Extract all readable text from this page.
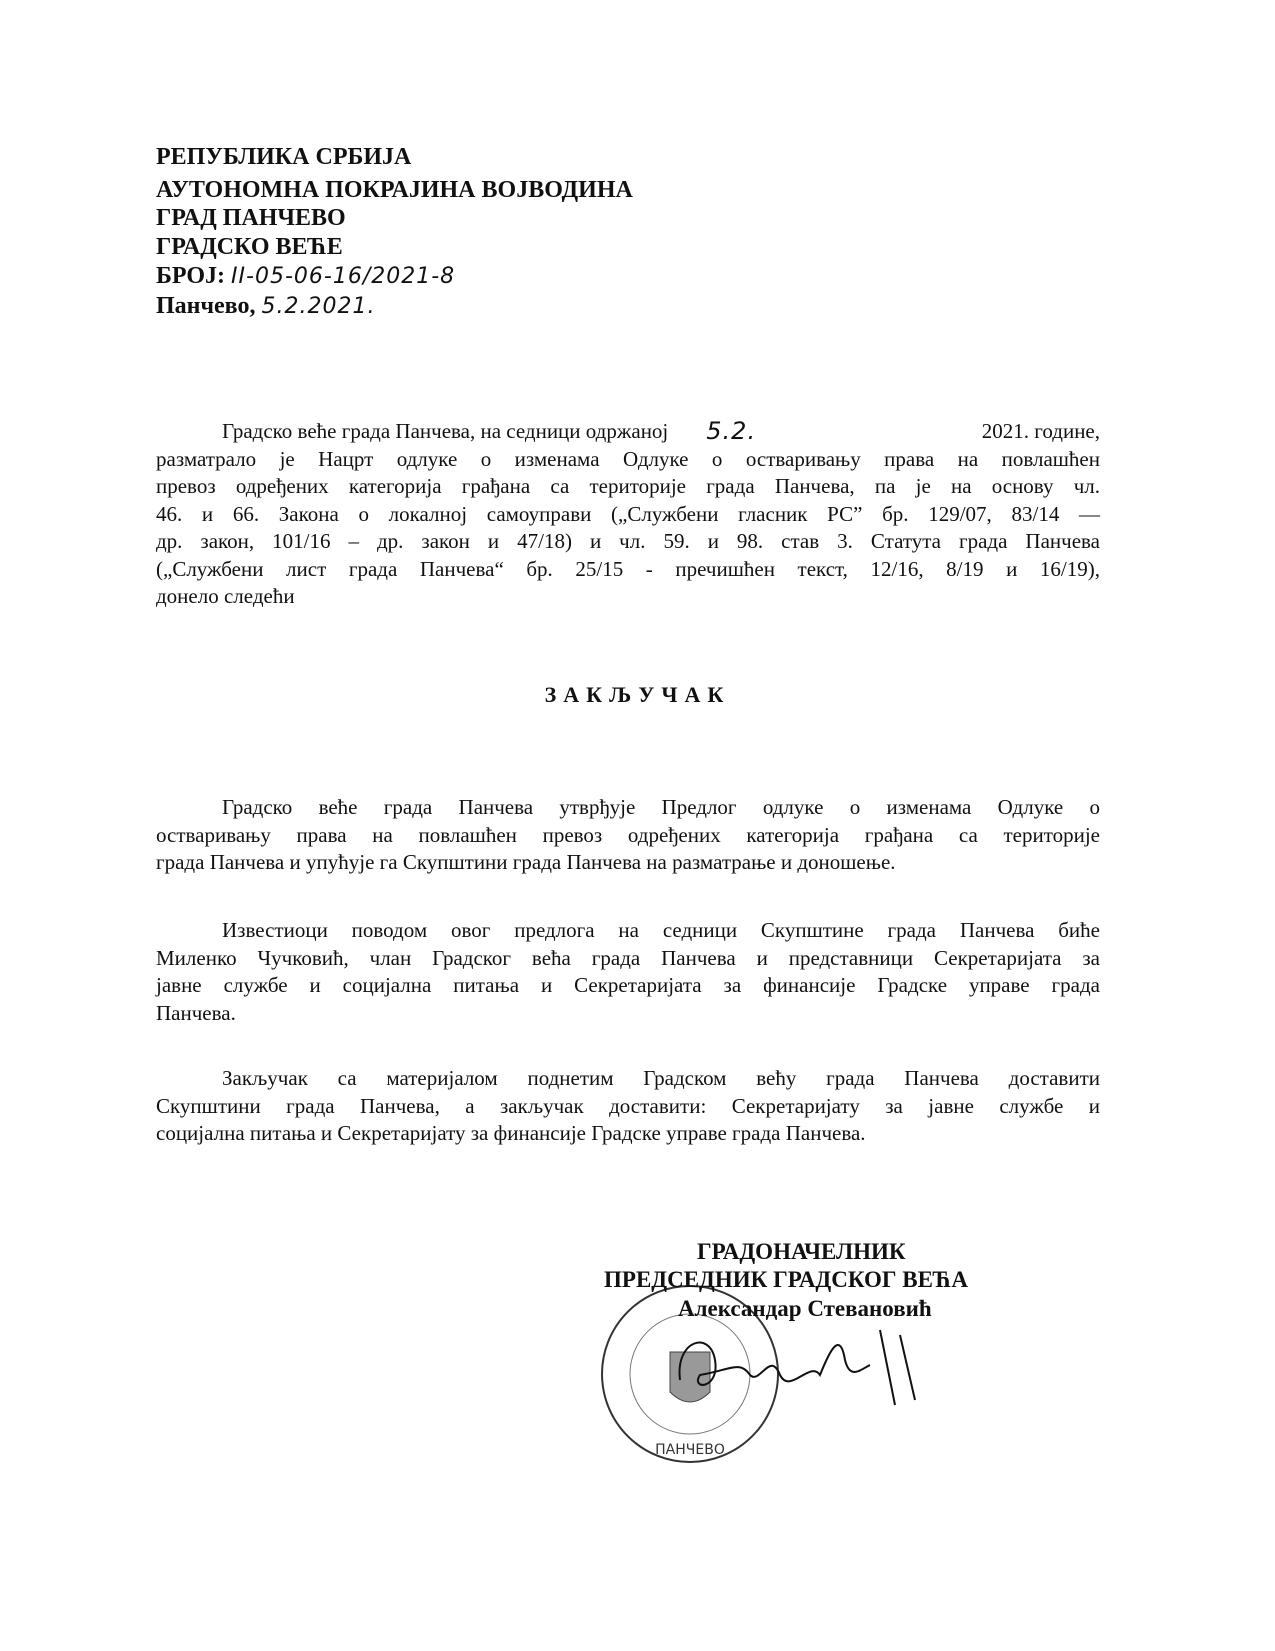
РЕПУБЛИКА СРБИЈА
АУТОНОМНА ПОКРАЈИНА ВОЈВОДИНА
ГРАД ПАНЧЕВО
ГРАДСКО ВЕЋЕ
БРОЈ: II-05-06-16/2021-8
Панчево, 5.2.2021.
Градско веће града Панчева, на седници одржаној 5.2.	2021. године,
разматрало је Нацрт одлуке о изменама Одлуке о остваривању права на повлашћен
превоз одређених категорија грађана са територије града Панчева, па је на основу чл.
46. и 66. Закона о локалној самоуправи („Службени гласник РС” бр. 129/07, 83/14 —
др. закон, 101/16 – др. закон и 47/18) и чл. 59. и 98. став 3. Статута града Панчева
(„Службени лист града Панчева“ бр. 25/15 - пречишћен текст, 12/16, 8/19 и 16/19),
донело следећи
ЗАКЉУЧАК
Градско веће града Панчева утврђује Предлог одлуке о изменама Одлуке о
остваривању права на повлашћен превоз одређених категорија грађана са територије
града Панчева и упућује га Скупштини града Панчева на разматрање и доношење.
Известиоци поводом овог предлога на седници Скупштине града Панчева биће
Миленко Чучковић, члан Градског већа града Панчева и представници Секретаријата за
јавне службе и социјална питања и Секретаријата за финансије Градске управе града
Панчева.
Закључак са материјалом поднетим Градском већу града Панчева доставити
Скупштини града Панчева, а закључак доставити: Секретаријату за јавне службе и
социјална питања и Секретаријату за финансије Градске управе града Панчева.
ПАНЧЕВО
ГРАДОНАЧЕЛНИК
ПРЕДСЕДНИК ГРАДСКОГ ВЕЋА
Александар Стевановић
